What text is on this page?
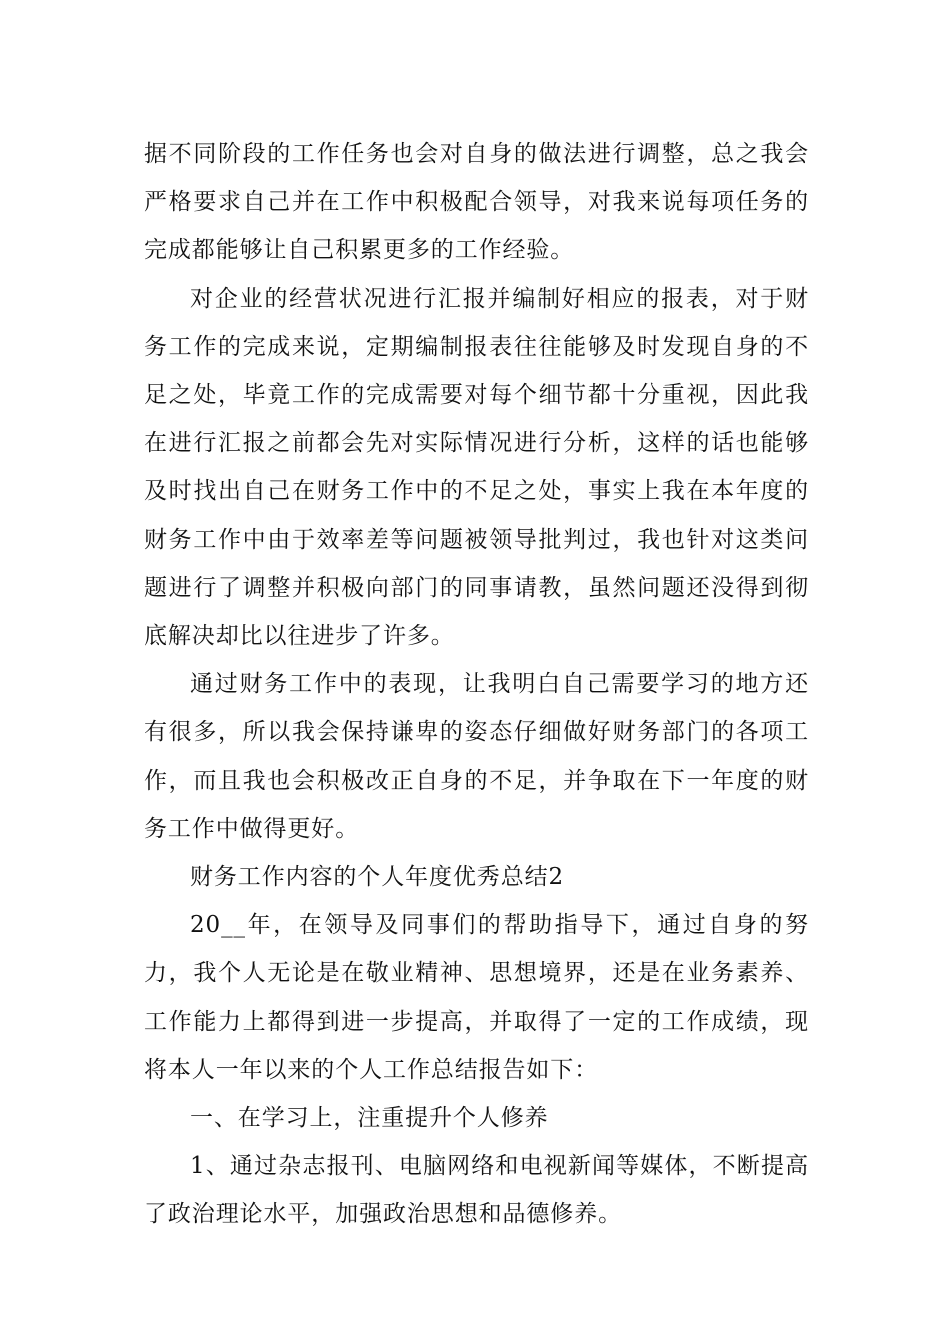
据不同阶段的工作任务也会对自身的做法进行调整，总之我会严格要求自己并在工作中积极配合领导，对我来说每项任务的完成都能够让自己积累更多的工作经验。

对企业的经营状况进行汇报并编制好相应的报表，对于财务工作的完成来说，定期编制报表往往能够及时发现自身的不足之处，毕竟工作的完成需要对每个细节都十分重视，因此我在进行汇报之前都会先对实际情况进行分析，这样的话也能够及时找出自己在财务工作中的不足之处，事实上我在本年度的财务工作中由于效率差等问题被领导批判过，我也针对这类问题进行了调整并积极向部门的同事请教，虽然问题还没得到彻底解决却比以往进步了许多。

通过财务工作中的表现，让我明白自己需要学习的地方还有很多，所以我会保持谦卑的姿态仔细做好财务部门的各项工作，而且我也会积极改正自身的不足，并争取在下一年度的财务工作中做得更好。

财务工作内容的个人年度优秀总结2

20__年，在领导及同事们的帮助指导下，通过自身的努力，我个人无论是在敬业精神、思想境界，还是在业务素养、工作能力上都得到进一步提高，并取得了一定的工作成绩，现将本人一年以来的个人工作总结报告如下：

一、在学习上，注重提升个人修养

1、通过杂志报刊、电脑网络和电视新闻等媒体，不断提高了政治理论水平，加强政治思想和品德修养。
